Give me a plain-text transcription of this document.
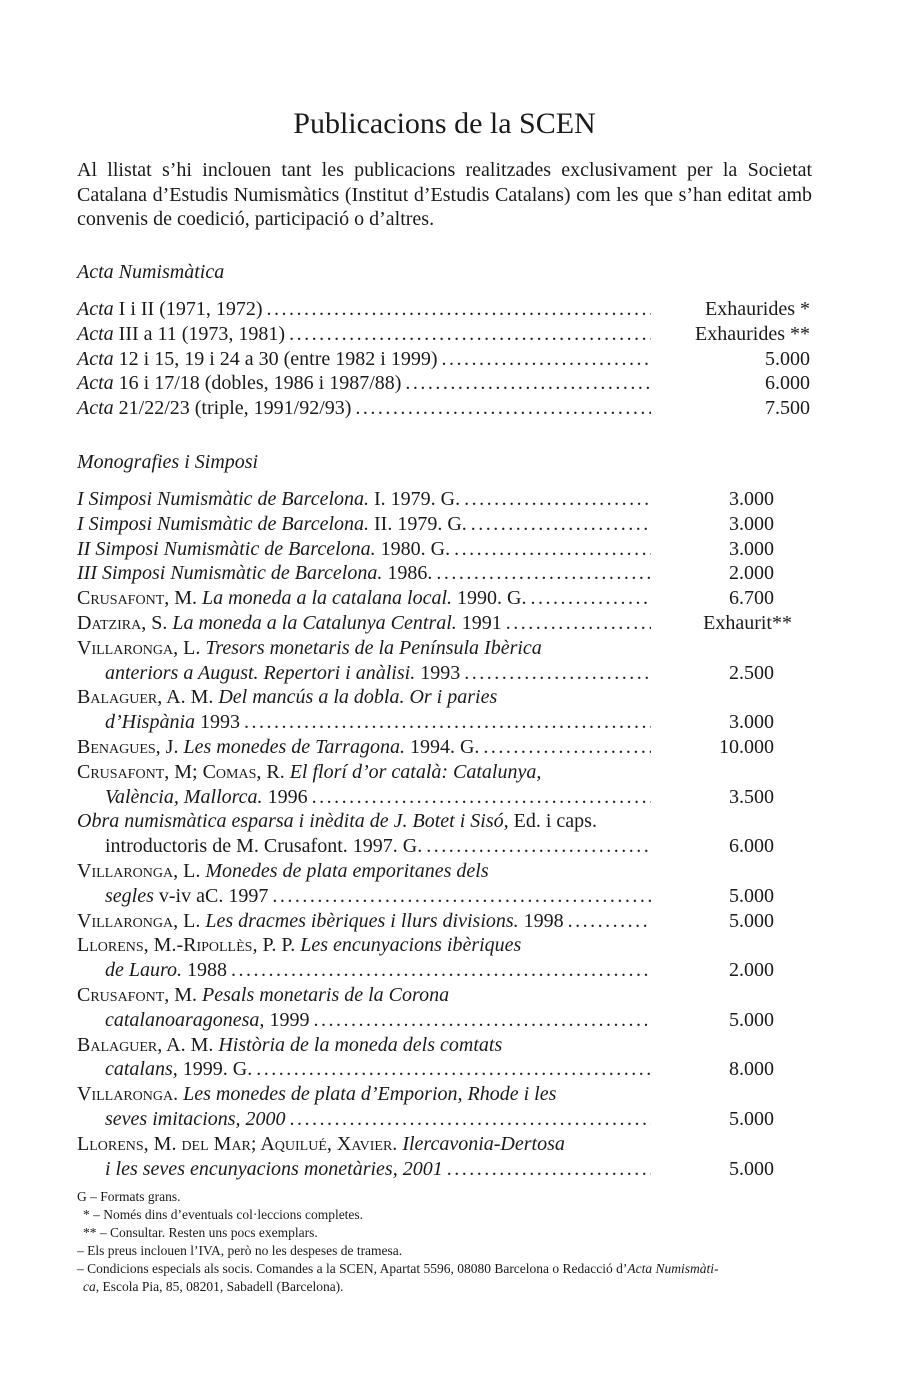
Publicacions de la SCEN
Al llistat s’hi inclouen tant les publicacions realitzades exclusivament per la Societat Catalana d’Estudis Numismàtics (Institut d’Estudis Catalans) com les que s’han editat amb convenis de coedició, participació o d’altres.
Acta Numismàtica
Acta I i II (1971, 1972) .....	Exhaurides *
Acta III a 11 (1973, 1981) .....	Exhaurides **
Acta 12 i 15, 19 i 24 a 30 (entre 1982 i 1999) .....	5.000
Acta 16 i 17/18 (dobles, 1986 i 1987/88) .....	6.000
Acta 21/22/23 (triple, 1991/92/93) .....	7.500
Monografies i Simposi
I Simposi Numismàtic de Barcelona. I. 1979. G. .....	3.000
I Simposi Numismàtic de Barcelona. II. 1979. G. .....	3.000
II Simposi Numismàtic de Barcelona. 1980. G. .....	3.000
III Simposi Numismàtic de Barcelona. 1986. .....	2.000
Crusafont, M. La moneda a la catalana local. 1990. G. .....	6.700
Datzira, S. La moneda a la Catalunya Central. 1991 .....	Exhaurit**
Villaronga, L. Tresors monetaris de la Península Ibèrica
anteriors a August. Repertori i anàlisi. 1993 .....	2.500
Balaguer, A. M. Del mancús a la dobla. Or i paries
d’Hispània 1993 .....	3.000
Benagues, J. Les monedes de Tarragona. 1994. G. .....	10.000
Crusafont, M; Comas, R. El florí d’or català: Catalunya,
València, Mallorca. 1996 .....	3.500
Obra numismàtica esparsa i inèdita de J. Botet i Sisó, Ed. i caps.
introductoris de M. Crusafont. 1997. G. .....	6.000
Villaronga, L. Monedes de plata emporitanes dels
segles v-iv aC. 1997 .....	5.000
Villaronga, L. Les dracmes ibèriques i llurs divisions. 1998 .....	5.000
Llorens, M.-Ripollès, P. P. Les encunyacions ibèriques
de Lauro. 1988 .....	2.000
Crusafont, M. Pesals monetaris de la Corona
catalanoaragonesa, 1999 .....	5.000
Balaguer, A. M. Història de la moneda dels comtats
catalans, 1999. G. .....	8.000
Villaronga. Les monedes de plata d’Emporion, Rhode i les
seves imitacions, 2000 .....	5.000
Llorens, M. del Mar; Aquilué, Xavier. Ilercavonia-Dertosa
i les seves encunyacions monetàries, 2001 .....	5.000
G – Formats grans.
* – Només dins d’eventuals col·leccions completes.
** – Consultar. Resten uns pocs exemplars.
– Els preus inclouen l’IVA, però no les despeses de tramesa.
– Condicions especials als socis. Comandes a la SCEN, Apartat 5596, 08080 Barcelona o Redacció d’Acta Numismàti-
ca, Escola Pia, 85, 08201, Sabadell (Barcelona).
